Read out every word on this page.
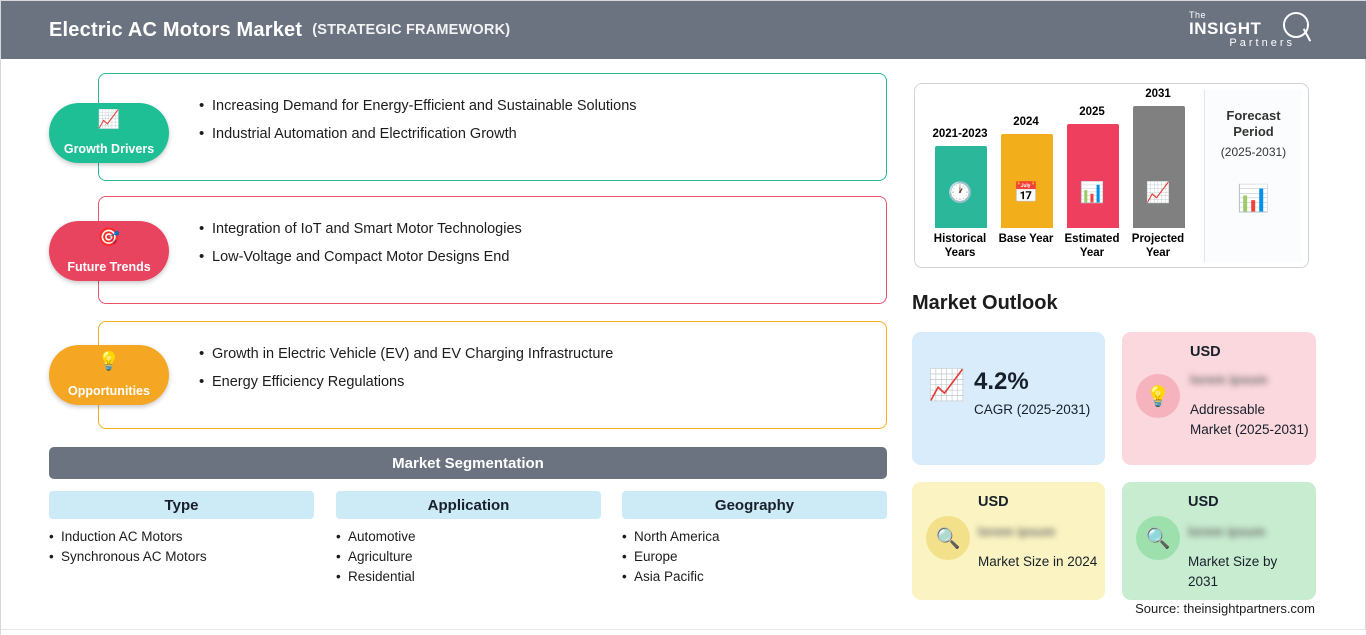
Electric AC Motors Market (STRATEGIC FRAMEWORK)
The
INSIGHT
Partners
• Increasing Demand for Energy-Efficient and Sustainable Solutions
• Industrial Automation and Electrification Growth
📈
Growth Drivers
• Integration of IoT and Smart Motor Technologies
• Low-Voltage and Compact Motor Designs End
🎯
Future Trends
• Growth in Electric Vehicle (EV) and EV Charging Infrastructure
• Energy Efficiency Regulations
💡
Opportunities
Market Segmentation
Type	Application	Geography
• Induction AC Motors
• Synchronous AC Motors
• Automotive
• Agriculture
• Residential
• North America
• Europe
• Asia Pacific
2021-2023
🕐
Historical Years
2024
📅
Base Year
2025
📊
Estimated Year
2031
📈
Projected Year
Forecast Period
(2025-2031)
📊
Market Outlook
📈 4.2%
CAGR (2025-2031)
💡
USD
lorem ipsum
Addressable Market (2025-2031)
🔍
USD
lorem ipsum
Market Size in 2024
🔍
USD
lorem ipsum
Market Size by 2031
Source: theinsightpartners.com
